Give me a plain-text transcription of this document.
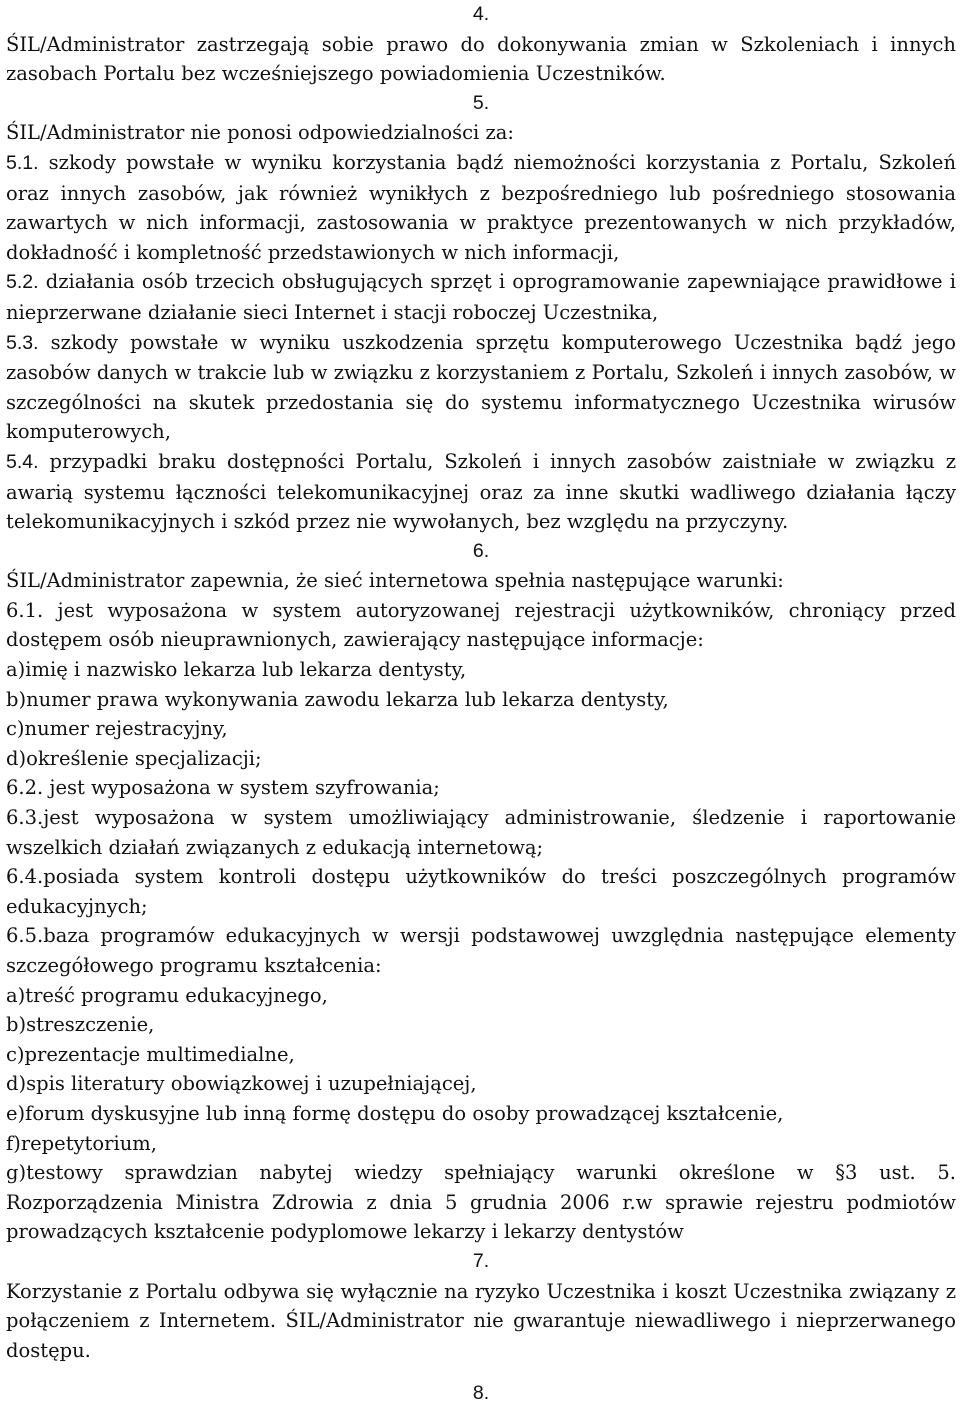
4.

ŚIL/Administrator zastrzegają sobie prawo do dokonywania zmian w Szkoleniach i innych zasobach Portalu bez wcześniejszego powiadomienia Uczestników.

5.

ŚIL/Administrator nie ponosi odpowiedzialności za:

5.1. szkody powstałe w wyniku korzystania bądź niemożności korzystania z Portalu, Szkoleń oraz innych zasobów, jak również wynikłych z bezpośredniego lub pośredniego stosowania zawartych w nich informacji, zastosowania w praktyce prezentowanych w nich przykładów, dokładność i kompletność przedstawionych w nich informacji,

5.2. działania osób trzecich obsługujących sprzęt i oprogramowanie zapewniające prawidłowe i nieprzerwane działanie sieci Internet i stacji roboczej Uczestnika,

5.3. szkody powstałe w wyniku uszkodzenia sprzętu komputerowego Uczestnika bądź jego zasobów danych w trakcie lub w związku z korzystaniem z Portalu, Szkoleń i innych zasobów, w szczególności na skutek przedostania się do systemu informatycznego Uczestnika wirusów komputerowych,

5.4. przypadki braku dostępności Portalu, Szkoleń i innych zasobów zaistniałe w związku z awarią systemu łączności telekomunikacyjnej oraz za inne skutki wadliwego działania łączy telekomunikacyjnych i szkód przez nie wywołanych, bez względu na przyczyny.

6.

ŚIL/Administrator zapewnia, że sieć internetowa spełnia następujące warunki:

6.1. jest wyposażona w system autoryzowanej rejestracji użytkowników, chroniący przed dostępem osób nieuprawnionych, zawierający następujące informacje:

a)imię i nazwisko lekarza lub lekarza dentysty,

b)numer prawa wykonywania zawodu lekarza lub lekarza dentysty,

c)numer rejestracyjny,

d)określenie specjalizacji;

6.2. jest wyposażona w system szyfrowania;

6.3.jest wyposażona w system umożliwiający administrowanie, śledzenie i raportowanie wszelkich działań związanych z edukacją internetową;

6.4.posiada system kontroli dostępu użytkowników do treści poszczególnych programów edukacyjnych;

6.5.baza programów edukacyjnych w wersji podstawowej uwzględnia następujące elementy szczegółowego programu kształcenia:

a)treść programu edukacyjnego,

b)streszczenie,

c)prezentacje multimedialne,

d)spis literatury obowiązkowej i uzupełniającej,

e)forum dyskusyjne lub inną formę dostępu do osoby prowadzącej kształcenie,

f)repetytorium,

g)testowy sprawdzian nabytej wiedzy spełniający warunki określone w §3 ust. 5. Rozporządzenia Ministra Zdrowia z dnia 5 grudnia 2006 r.w sprawie rejestru podmiotów prowadzących kształcenie podyplomowe lekarzy i lekarzy dentystów

7.

Korzystanie z Portalu odbywa się wyłącznie na ryzyko Uczestnika i koszt Uczestnika związany z połączeniem z Internetem. ŚIL/Administrator nie gwarantuje niewadliwego i nieprzerwanego dostępu.

8.
